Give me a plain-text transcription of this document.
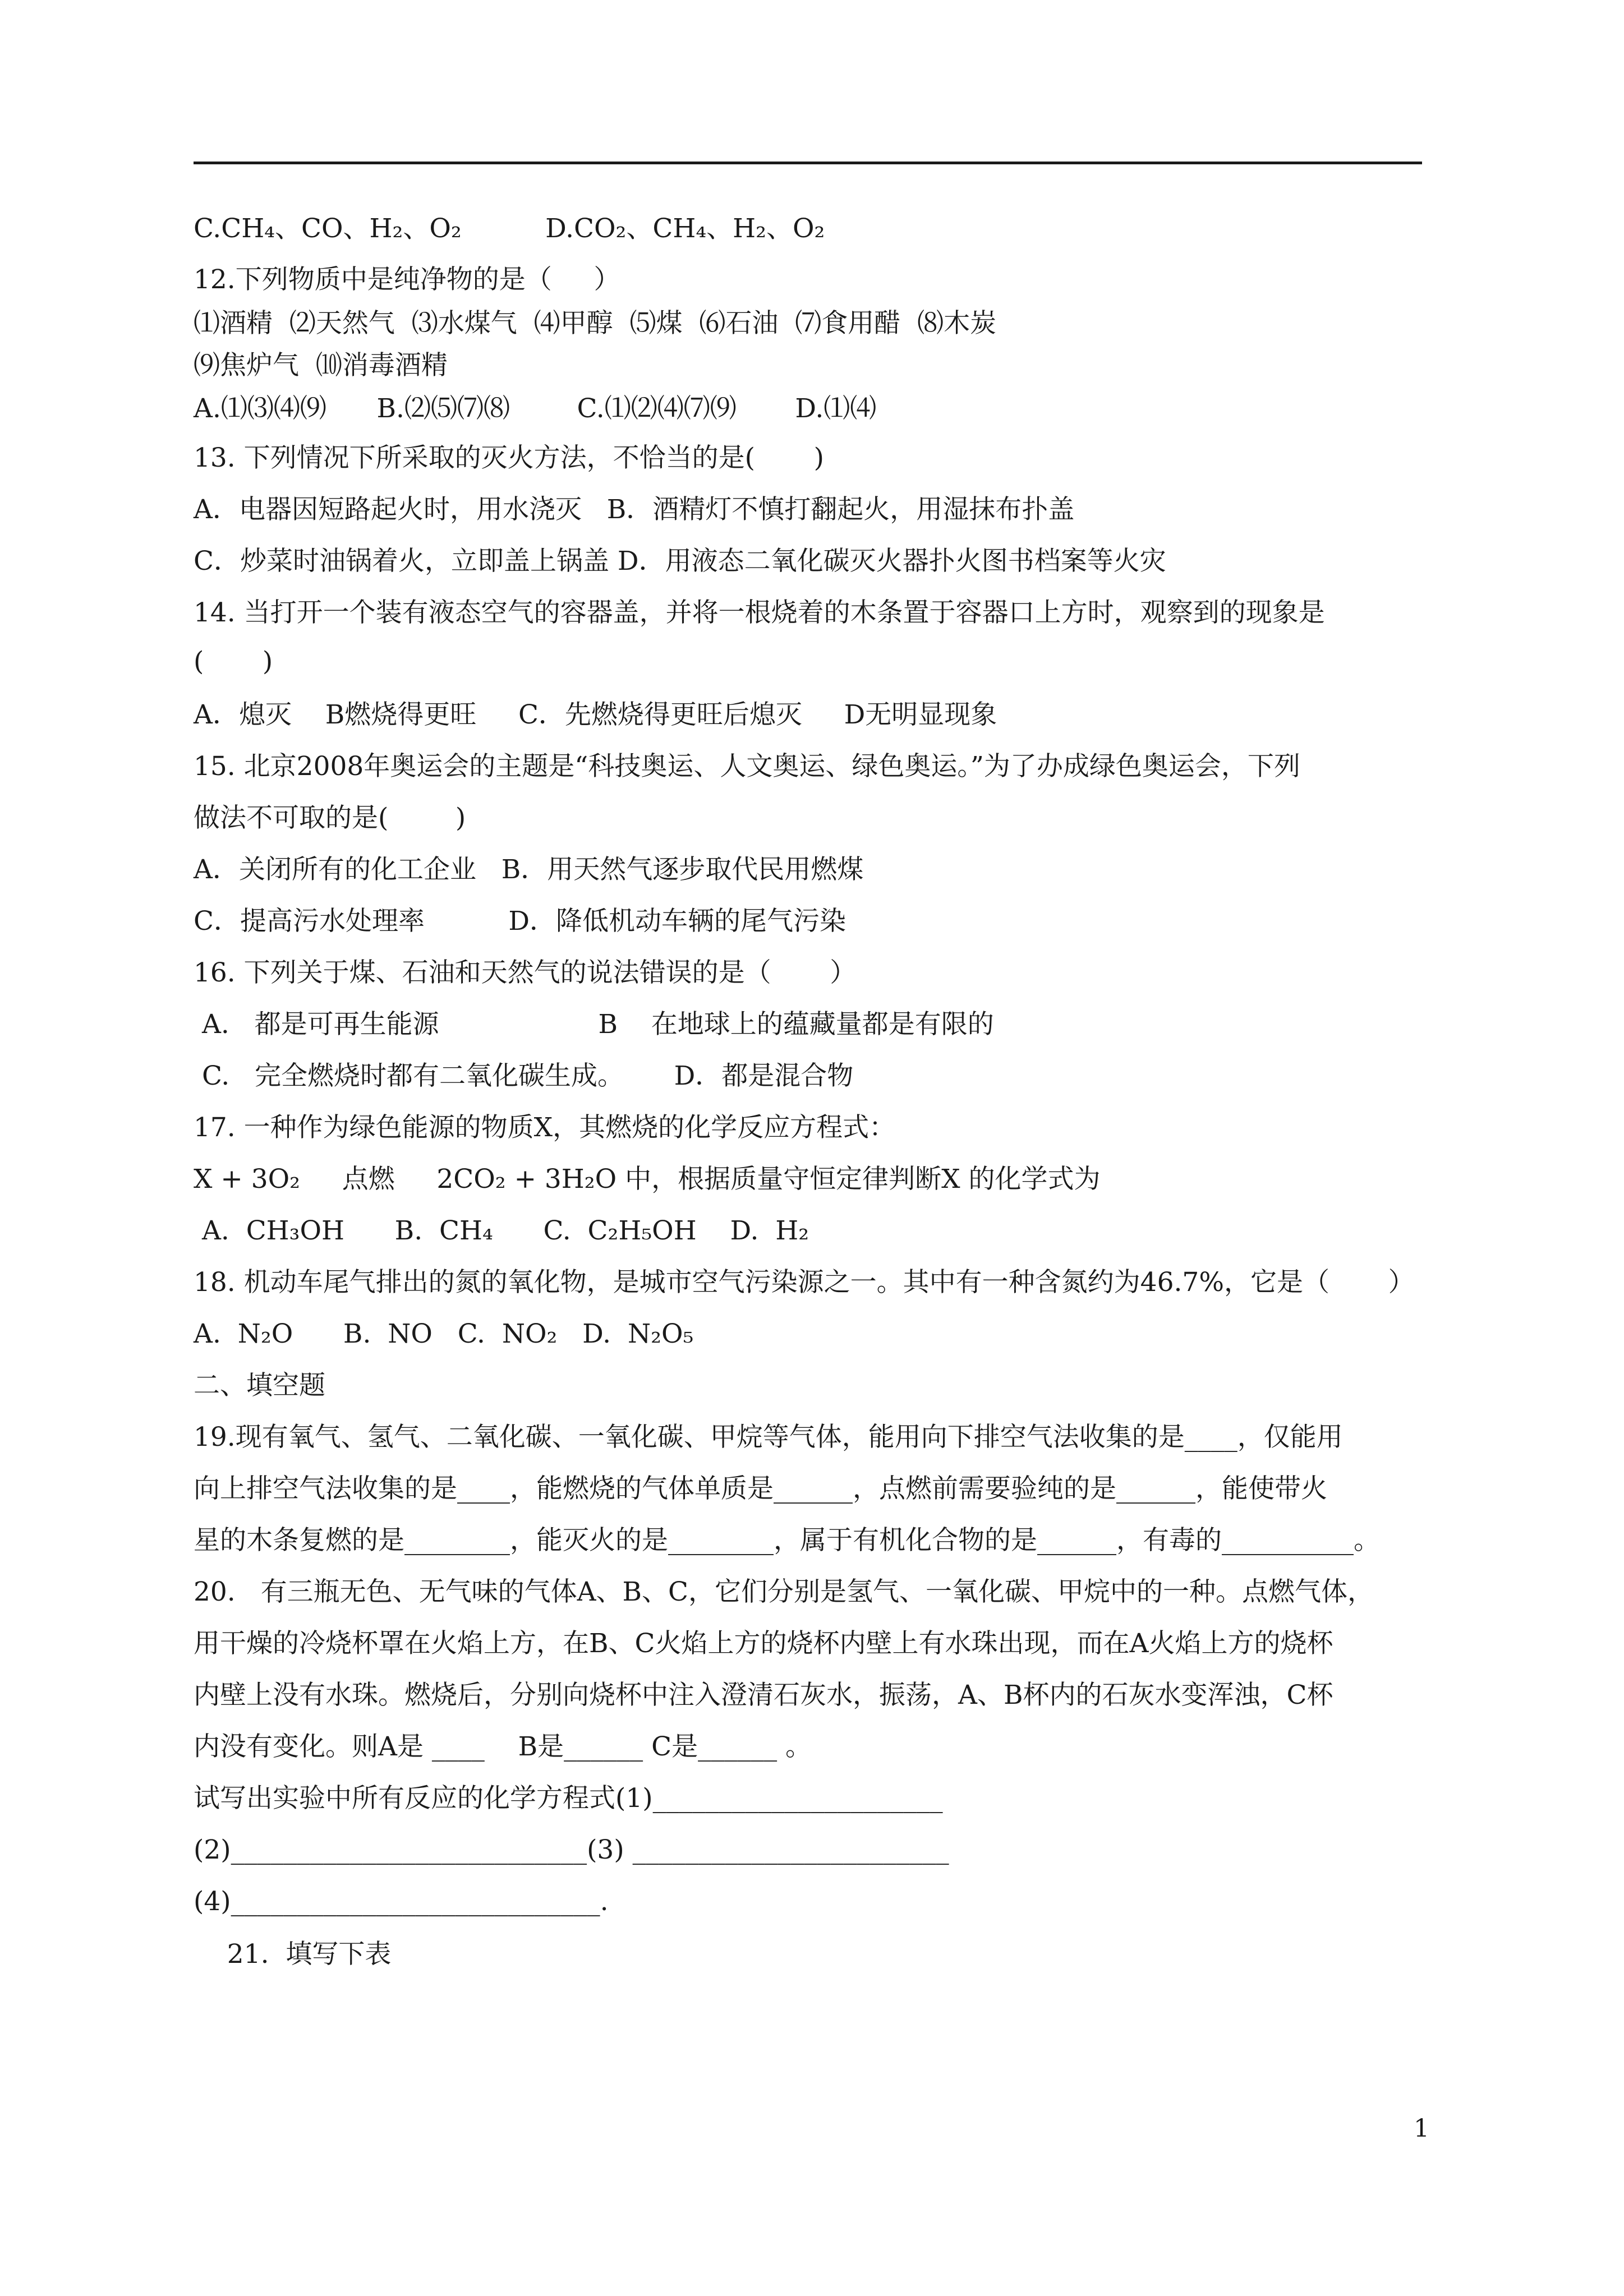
C.CH₄、CO、H₂、O₂          D.CO₂、CH₄、H₂、O₂
12.下列物质中是纯净物的是（     ）
⑴酒精  ⑵天然气  ⑶水煤气  ⑷甲醇  ⑸煤  ⑹石油  ⑺食用醋  ⑻木炭
⑼焦炉气  ⑽消毒酒精
A.⑴⑶⑷⑼      B.⑵⑸⑺⑻        C.⑴⑵⑷⑺⑼       D.⑴⑷
13. 下列情况下所采取的灭火方法，不恰当的是(       )
A．电器因短路起火时，用水浇灭   B．酒精灯不慎打翻起火，用湿抹布扑盖
C．炒菜时油锅着火，立即盖上锅盖 D．用液态二氧化碳灭火器扑火图书档案等火灾
14. 当打开一个装有液态空气的容器盖，并将一根烧着的木条置于容器口上方时，观察到的现象是
(       )
A．熄灭    B燃烧得更旺     C．先燃烧得更旺后熄灭     D无明显现象
15. 北京2008年奥运会的主题是“科技奥运、人文奥运、绿色奥运。”为了办成绿色奥运会，下列
做法不可取的是(        )
A．关闭所有的化工企业   B．用天然气逐步取代民用燃煤
C．提高污水处理率          D．降低机动车辆的尾气污染
16. 下列关于煤、石油和天然气的说法错误的是（       ）
A.   都是可再生能源                   B    在地球上的蕴藏量都是有限的
C.   完全燃烧时都有二氧化碳生成。      D．都是混合物
17. 一种作为绿色能源的物质X，其燃烧的化学反应方程式：
X + 3O₂     点燃     2CO₂ + 3H₂O 中，根据质量守恒定律判断X 的化学式为
A.  CH₃OH      B.  CH₄      C.  C₂H₅OH    D.  H₂
18. 机动车尾气排出的氮的氧化物，是城市空气污染源之一。其中有一种含氮约为46.7%，它是（       ）
A.  N₂O      B.  NO   C.  NO₂   D.  N₂O₅
二、填空题
19.现有氧气、氢气、二氧化碳、一氧化碳、甲烷等气体，能用向下排空气法收集的是____，仅能用
向上排空气法收集的是____，能燃烧的气体单质是______，点燃前需要验纯的是______，能使带火
星的木条复燃的是________，能灭火的是________，属于有机化合物的是______，有毒的__________。
20.   有三瓶无色、无气味的气体A、B、C，它们分别是氢气、一氧化碳、甲烷中的一种。点燃气体，
用干燥的冷烧杯罩在火焰上方，在B、C火焰上方的烧杯内壁上有水珠出现，而在A火焰上方的烧杯
内壁上没有水珠。燃烧后，分别向烧杯中注入澄清石灰水，振荡，A、B杯内的石灰水变浑浊，C杯
内没有变化。则A是 ____    B是______ C是______ 。
试写出实验中所有反应的化学方程式(1)______________________
(2)___________________________(3) ________________________
(4)____________________________.
21.  填写下表
1
